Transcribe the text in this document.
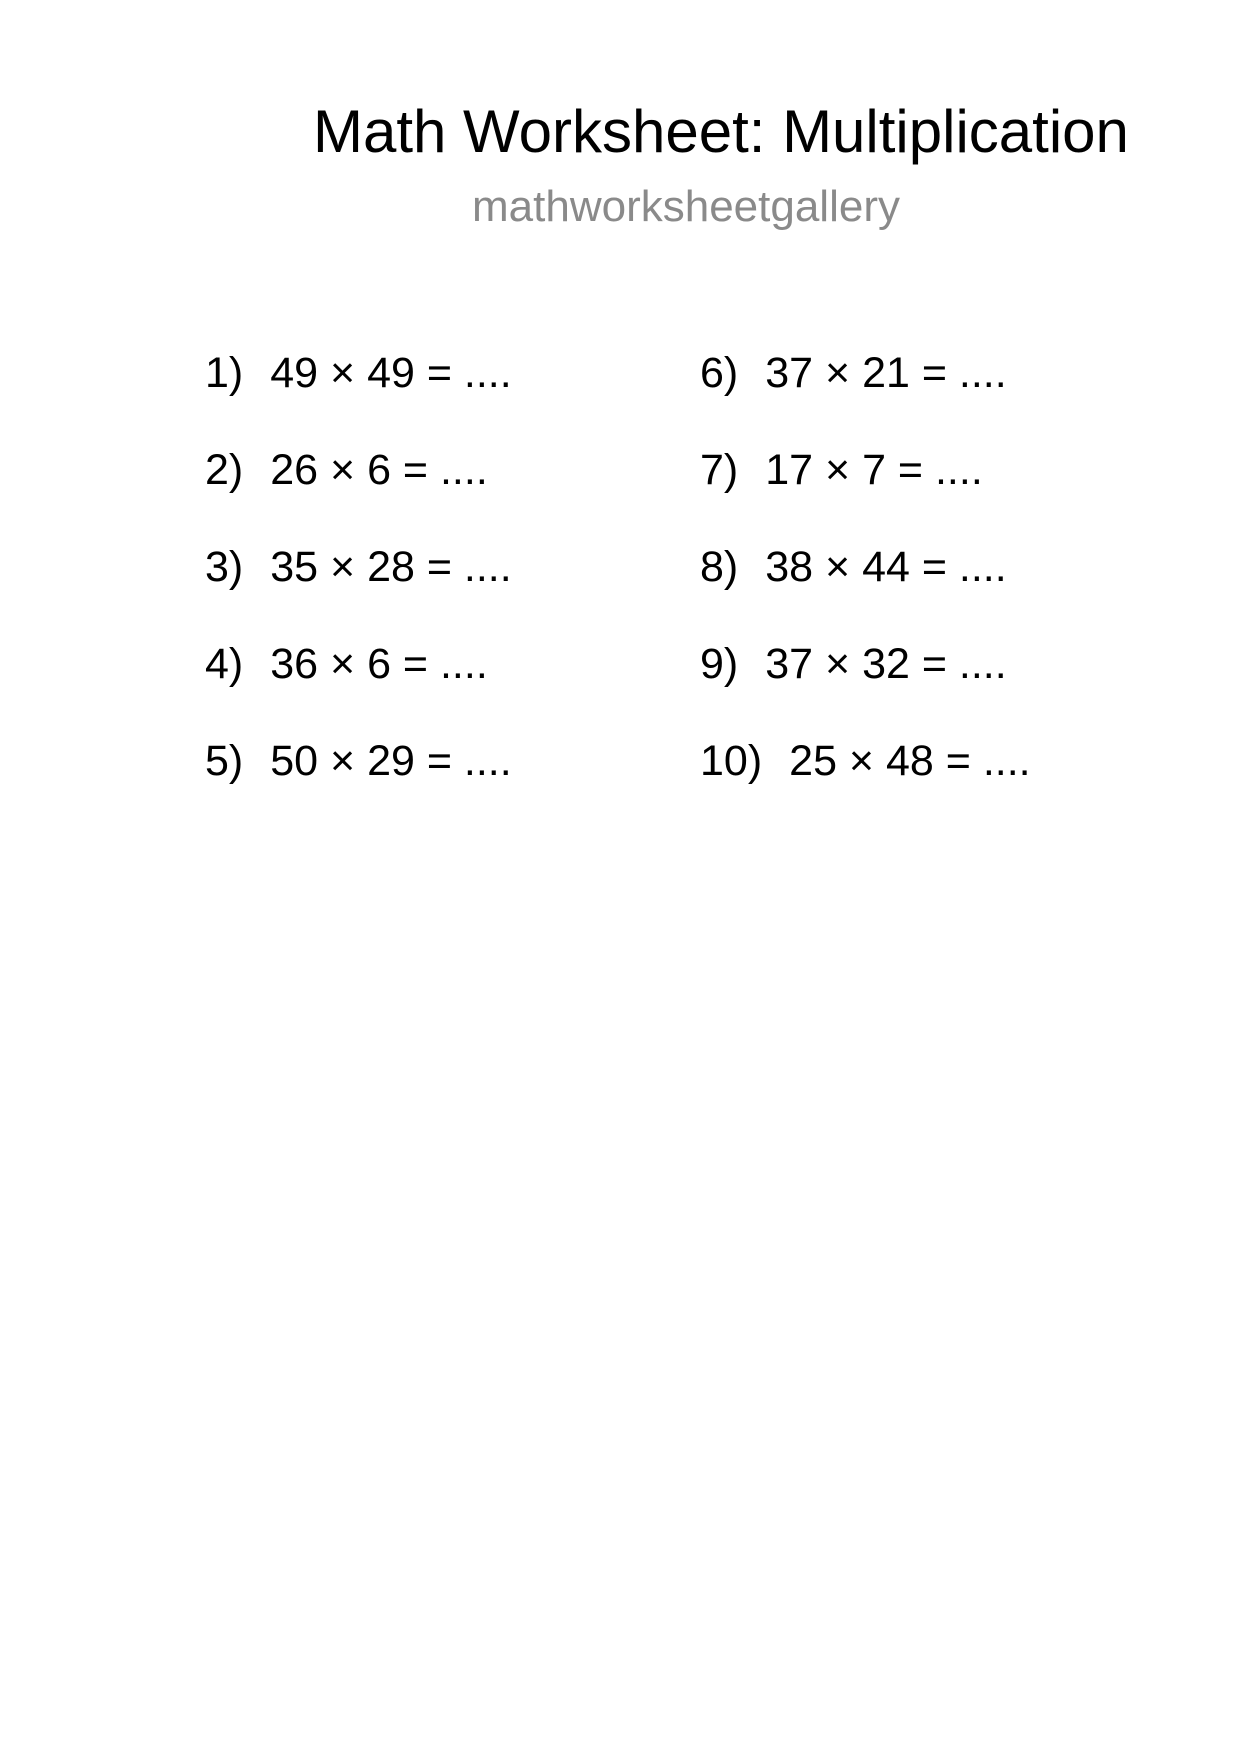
Math Worksheet: Multiplication
mathworksheetgallery
1) 49 × 49 = ....
2) 26 × 6 = ....
3) 35 × 28 = ....
4) 36 × 6 = ....
5) 50 × 29 = ....
6) 37 × 21 = ....
7) 17 × 7 = ....
8) 38 × 44 = ....
9) 37 × 32 = ....
10) 25 × 48 = ....
